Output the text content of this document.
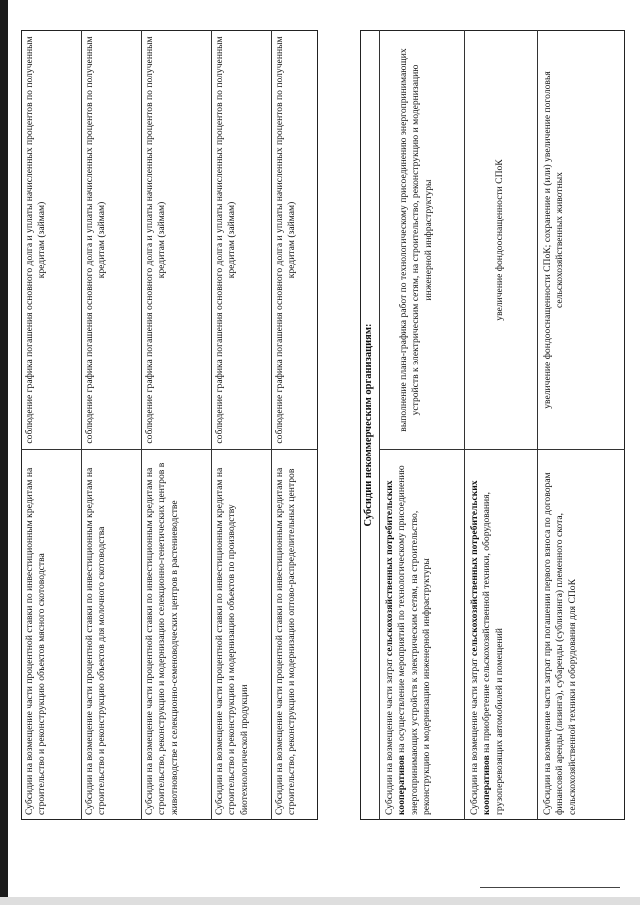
Субсидии на возмещение части процентной ставки по инвестиционным кредитам на строительство и реконструкцию объектов мясного скотоводства
соблюдение графика погашения основного долга и уплаты начисленных процентов по полученным кредитам (займам)
Субсидии на возмещение части процентной ставки по инвестиционным кредитам на строительство и реконструкцию объектов для молочного скотоводства
соблюдение графика погашения основного долга и уплаты начисленных процентов по полученным кредитам (займам)
Субсидии на возмещение части процентной ставки по инвестиционным кредитам на строительство, реконструкцию и модернизацию селекционно-генетических центров в животноводстве и селекционно-семеноводческих центров в растениеводстве
соблюдение графика погашения основного долга и уплаты начисленных процентов по полученным кредитам (займам)
Субсидии на возмещение части процентной ставки по инвестиционным кредитам на строительство и реконструкцию и модернизацию объектов по производству биотехнологической продукции
соблюдение графика погашения основного долга и уплаты начисленных процентов по полученным кредитам (займам)
Субсидии на возмещение части процентной ставки по инвестиционным кредитам на строительство, реконструкцию и модернизацию оптово-распределительных центров
соблюдение графика погашения основного долга и уплаты начисленных процентов по полученным кредитам (займам)
Субсидии некоммерческим организациям:
Субсидии на возмещение части затрат сельскохозяйственных потребительских кооперативов на осуществление мероприятий по технологическому присоединению энергопринимающих устройств к электрическим сетям, на строительство, реконструкцию и модернизацию инженерной инфраструктуры
выполнение плана-графика работ по технологическому присоединению энергопринимающих устройств к электрическим сетям, на строительство, реконструкцию и модернизацию инженерной инфраструктуры
Субсидии на возмещение части затрат сельскохозяйственных потребительских кооперативов на приобретение сельскохозяйственной техники, оборудования, грузоперевозящих автомобилей и помещений
увеличение фондооснащенности СПоК
Субсидии на возмещение части затрат при погашении первого взноса по договорам финансовой аренды (лизинга), субаренды (сублизинга) племенного скота, сельскохозяйственной техники и оборудования для СПоК
увеличение фондооснащенности СПоК; сохранение и (или) увеличение поголовья сельскохозяйственных животных
